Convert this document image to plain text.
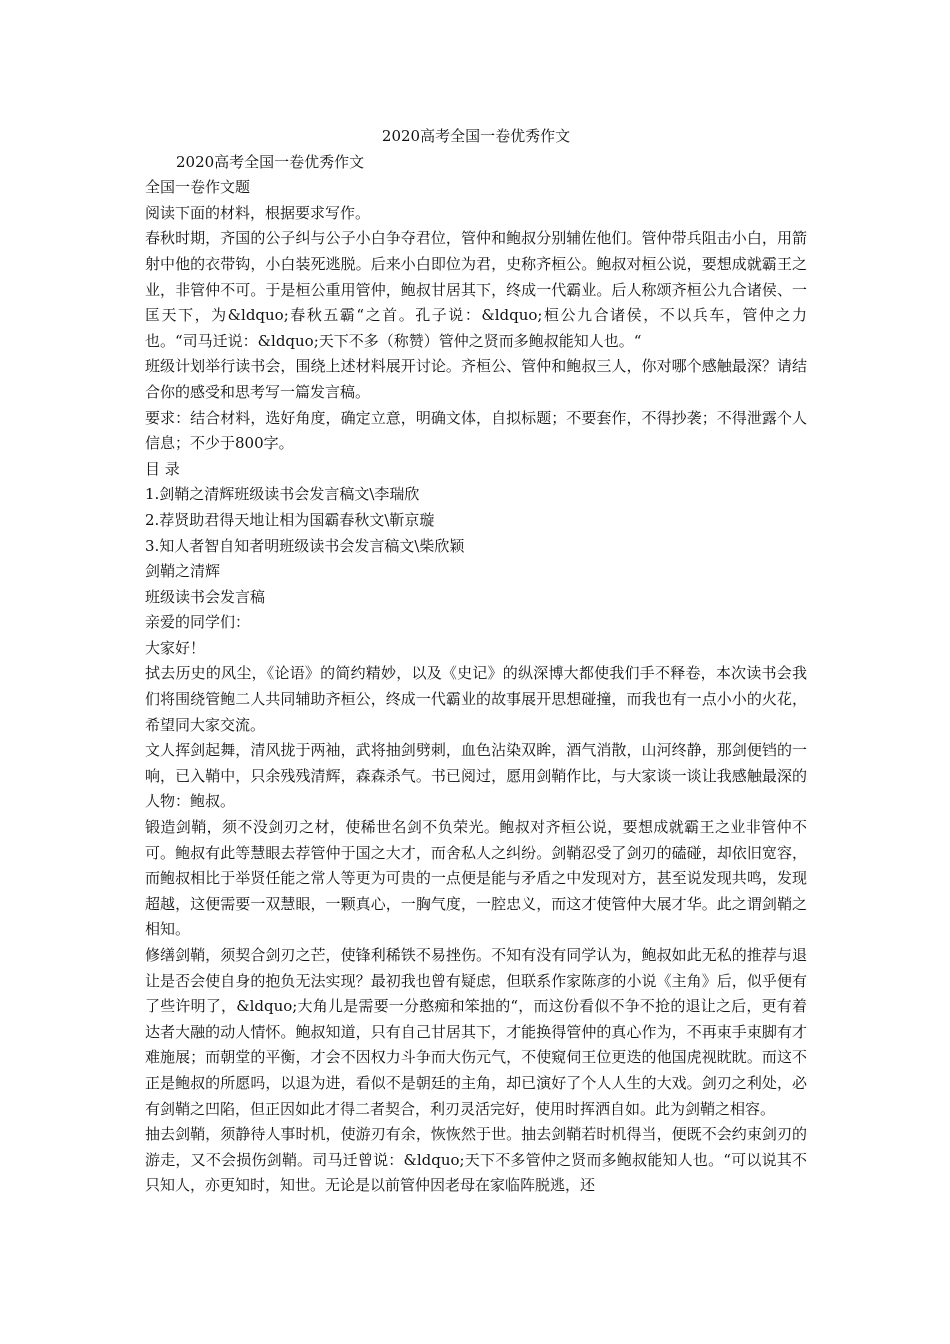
2020高考全国一卷优秀作文

2020高考全国一卷优秀作文

全国一卷作文题

阅读下面的材料，根据要求写作。

春秋时期，齐国的公子纠与公子小白争夺君位，管仲和鲍叔分别辅佐他们。管仲带兵阻击小白，用箭射中他的衣带钩，小白装死逃脱。后来小白即位为君，史称齐桓公。鲍叔对桓公说，要想成就霸王之业，非管仲不可。于是桓公重用管仲，鲍叔甘居其下，终成一代霸业。后人称颂齐桓公九合诸侯、一匡天下，为&ldquo;春秋五霸“之首。孔子说：&ldquo;桓公九合诸侯，不以兵车，管仲之力也。“司马迁说：&ldquo;天下不多（称赞）管仲之贤而多鲍叔能知人也。“

班级计划举行读书会，围绕上述材料展开讨论。齐桓公、管仲和鲍叔三人，你对哪个感触最深？请结合你的感受和思考写一篇发言稿。

要求：结合材料，选好角度，确定立意，明确文体，自拟标题；不要套作，不得抄袭；不得泄露个人信息；不少于800字。

目 录

1.剑鞘之清辉班级读书会发言稿文\李瑞欣

2.荐贤助君得天地让相为国霸春秋文\靳京璇

3.知人者智自知者明班级读书会发言稿文\柴欣颖

剑鞘之清辉

班级读书会发言稿

亲爱的同学们：

大家好！

拭去历史的风尘，《论语》的简约精妙，以及《史记》的纵深博大都使我们手不释卷，本次读书会我们将围绕管鲍二人共同辅助齐桓公，终成一代霸业的故事展开思想碰撞，而我也有一点小小的火花，希望同大家交流。

文人挥剑起舞，清风拢于两袖，武将抽剑劈刺，血色沾染双眸，酒气消散，山河终静，那剑便铛的一响，已入鞘中，只余残残清辉，森森杀气。书已阅过，愿用剑鞘作比，与大家谈一谈让我感触最深的人物：鲍叔。

锻造剑鞘，须不没剑刃之材，使稀世名剑不负荣光。鲍叔对齐桓公说，要想成就霸王之业非管仲不可。鲍叔有此等慧眼去荐管仲于国之大才，而舍私人之纠纷。剑鞘忍受了剑刃的磕碰，却依旧宽容，而鲍叔相比于举贤任能之常人等更为可贵的一点便是能与矛盾之中发现对方，甚至说发现共鸣，发现超越，这便需要一双慧眼，一颗真心，一胸气度，一腔忠义，而这才使管仲大展才华。此之谓剑鞘之相知。

修缮剑鞘，须契合剑刃之芒，使锋利稀铁不易挫伤。不知有没有同学认为，鲍叔如此无私的推荐与退让是否会使自身的抱负无法实现？最初我也曾有疑虑，但联系作家陈彦的小说《主角》后，似乎便有了些许明了，&ldquo;大角儿是需要一分憨痴和笨拙的“，而这份看似不争不抢的退让之后，更有着达者大融的动人情怀。鲍叔知道，只有自己甘居其下，才能换得管仲的真心作为，不再束手束脚有才难施展；而朝堂的平衡，才会不因权力斗争而大伤元气，不使窥伺王位更迭的他国虎视眈眈。而这不正是鲍叔的所愿吗，以退为进，看似不是朝廷的主角，却已演好了个人人生的大戏。剑刃之利处，必有剑鞘之凹陷，但正因如此才得二者契合，利刃灵活完好，使用时挥洒自如。此为剑鞘之相容。

抽去剑鞘，须静待人事时机，使游刃有余，恢恢然于世。抽去剑鞘若时机得当，便既不会约束剑刃的游走，又不会损伤剑鞘。司马迁曾说：&ldquo;天下不多管仲之贤而多鲍叔能知人也。“可以说其不只知人，亦更知时，知世。无论是以前管仲因老母在家临阵脱逃，还
